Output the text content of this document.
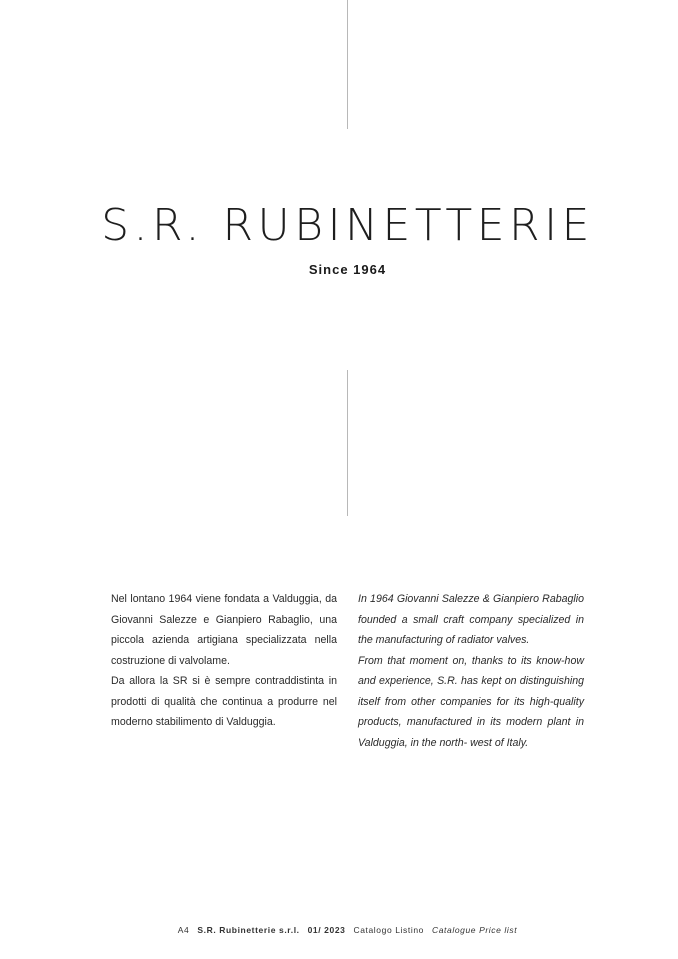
S.R. RUBINETTERIE
Since 1964

Nel lontano 1964 viene fondata a Valduggia, da Giovanni Salezze e Gianpiero Rabaglio, una piccola azienda artigiana specializzata nella costruzione di valvolame.

Da allora la SR si è sempre contraddistinta in prodotti di qualità che continua a produrre nel moderno stabilimento di Valduggia.

In 1964 Giovanni Salezze & Gianpiero Rabaglio founded a small craft company specialized in the manufacturing of radiator valves.

From that moment on, thanks to its know-how and experience, S.R. has kept on distinguishing itself from other companies for its high-quality products, manufactured in its modern plant in Valduggia, in the north- west of Italy.

A4 S.R. Rubinetterie s.r.l. 01/ 2023 Catalogo Listino Catalogue Price list
